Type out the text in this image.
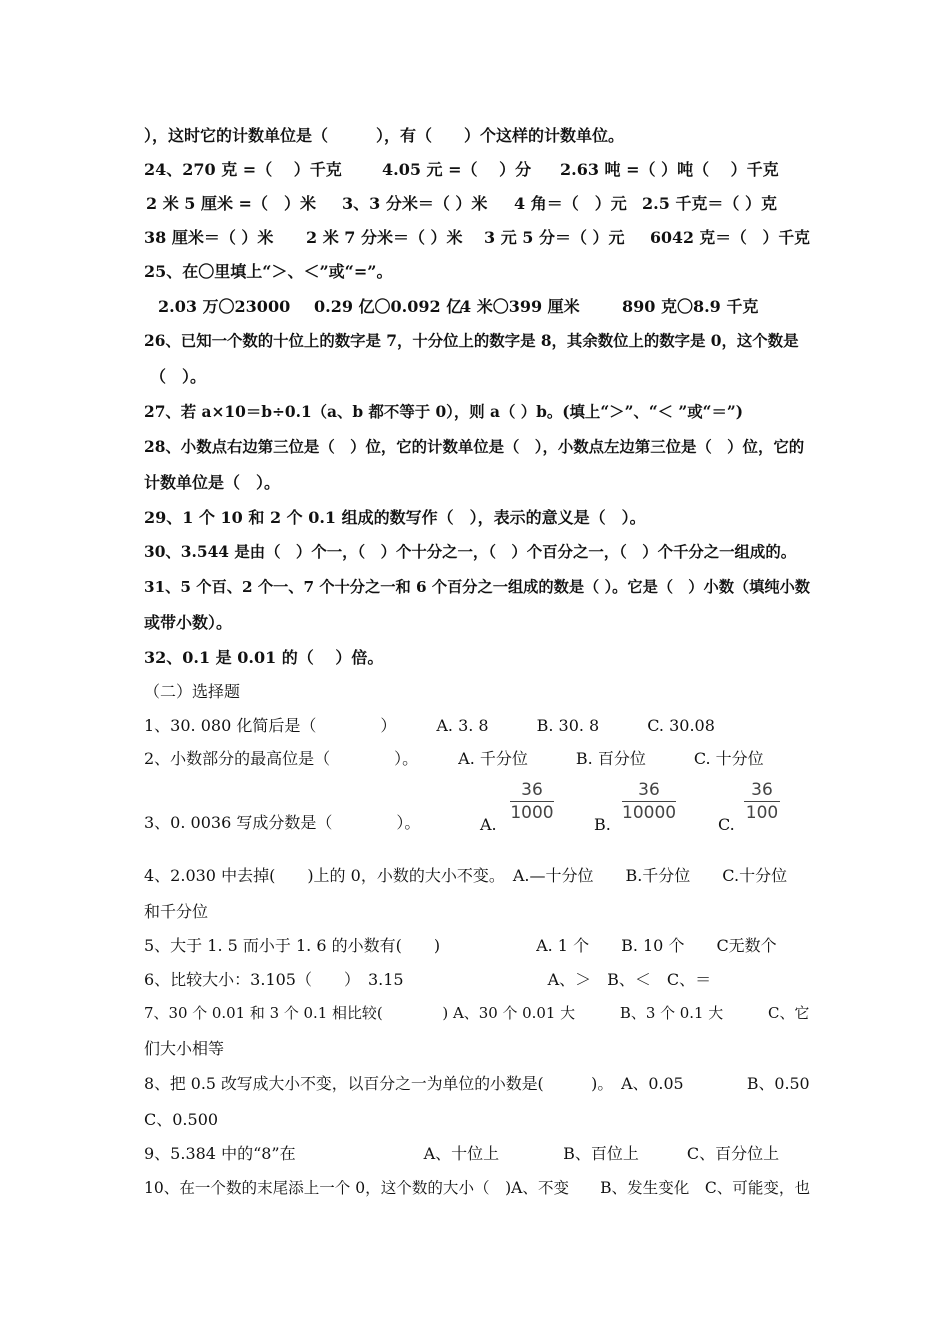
），这时它的计数单位是（　　　），有（　　）个这样的计数单位。
24、270 克 =（　 ）千克	4.05 元 =（　 ）分 2.63 吨 =（ ）吨（　 ）千克
2 米 5 厘米 =（　）米 3、3 分米＝（ ）米 4 角＝（　）元 2.5 千克＝（ ）克
38 厘米＝（ ）米 2 米 7 分米＝（ ）米 3 元 5 分＝（ ）元 6042 克＝（　）千克
25、在〇里填上“＞、＜”或“=”。
2.03 万〇23000 0.29 亿〇0.092 亿
4 米〇399 厘米	890 克〇8.9 千克
26、已知一个数的十位上的数字是 7，十分位上的数字是 8，其余数位上的数字是 0，这个数是
（　）。
27、若 a×10＝b÷0.1（a、b 都不等于 0），则 a（ ）b。(填上“＞”、“＜ ”或“＝”)
28、小数点右边第三位是（　）位，它的计数单位是（　），小数点左边第三位是（　）位，它的
计数单位是（　）。
29、1 个 10 和 2 个 0.1 组成的数写作（　），表示的意义是（　）。
30、3.544 是由（　）个一，（　）个十分之一，（　）个百分之一，（　）个千分之一组成的。
31、5 个百、2 个一、7 个十分之一和 6 个百分之一组成的数是（ ）。它是（　）小数（填纯小数
或带小数）。
32、0.1 是 0.01 的（　 ）倍。
（二）选择题
1、30. 080 化简后是（　　　　）　　　A. 3. 8　　　B. 30. 8　　　C. 30.08
2、小数部分的最高位是（　　　　）。　　　A. 千分位　　　B. 百分位　　　C. 十分位
3、0. 0036 写成分数是（　　　　）。	A.
36
1000
B.
36
10000
C.
36
100
4、2.030 中去掉(　　)上的 0，小数的大小不变。　A.—十分位　　B.千分位　　C.十分位
和千分位
5、大于 1. 5 而小于 1. 6 的小数有(　　)　　　　　　A. 1 个　　B. 10 个　　C无数个
6、比较大小：3.105（　　）　3.15　　　　　　　　　A、＞　B、＜　C、＝
7、30 个 0.01 和 3 个 0.1 相比较(　　　　) A、30 个 0.01 大　　　B、3 个 0.1 大　　　C、它
们大小相等
8、把 0.5 改写成大小不变，以百分之一为单位的小数是(　　　)。　A、0.05　　　　B、0.50
C、0.500
9、5.384 中的“8”在　　　　　　　　A、十位上　　　　B、百位上　　　C、百分位上
10、在一个数的末尾添上一个 0，这个数的大小（　)A、不变　　B、发生变化　C、可能变，也
